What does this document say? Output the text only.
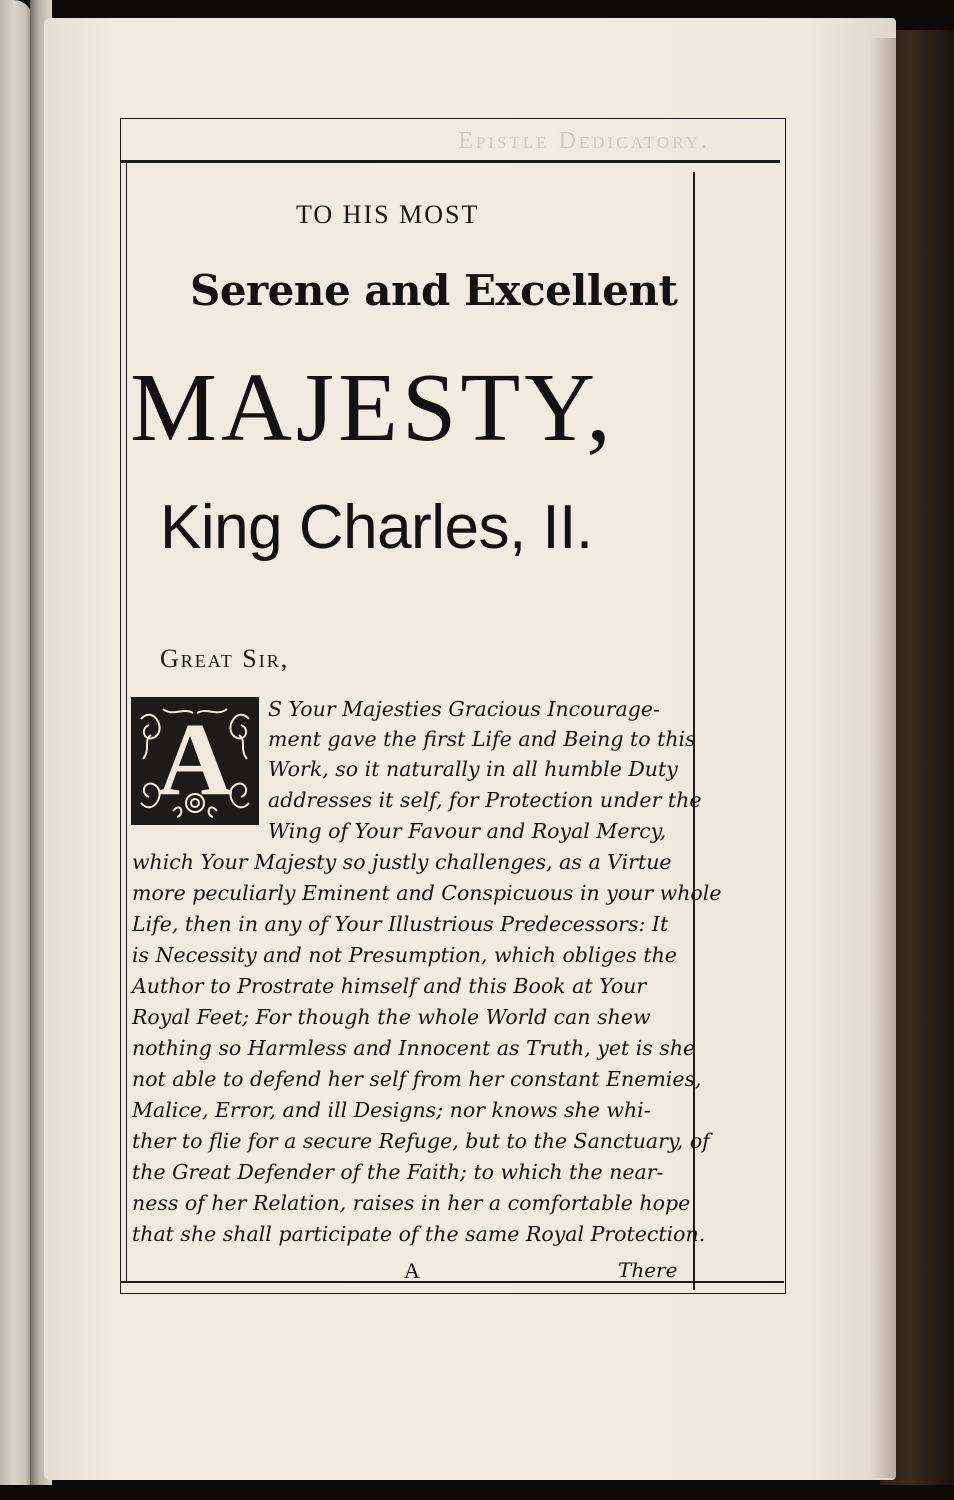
Epistle Dedicatory.
TO HIS MOST
Serene and Excellent
MAJESTY,
King Charles, II.
Great Sir,
A	S Your Majesties Gracious Incourage-
ment gave the first Life and Being to this
Work, so it naturally in all humble Duty
addresses it self, for Protection under the
Wing of Your Favour and Royal Mercy,
which Your Majesty so justly challenges, as a Virtue
more peculiarly Eminent and Conspicuous in your whole
Life, then in any of Your Illustrious Predecessors: It
is Necessity and not Presumption, which obliges the
Author to Prostrate himself and this Book at Your
Royal Feet; For though the whole World can shew
nothing so Harmless and Innocent as Truth, yet is she
not able to defend her self from her constant Enemies,
Malice, Error, and ill Designs; nor knows she whi-
ther to flie for a secure Refuge, but to the Sanctuary, of
the Great Defender of the Faith; to which the near-
ness of her Relation, raises in her a comfortable hope
that she shall participate of the same Royal Protection.
A	There
